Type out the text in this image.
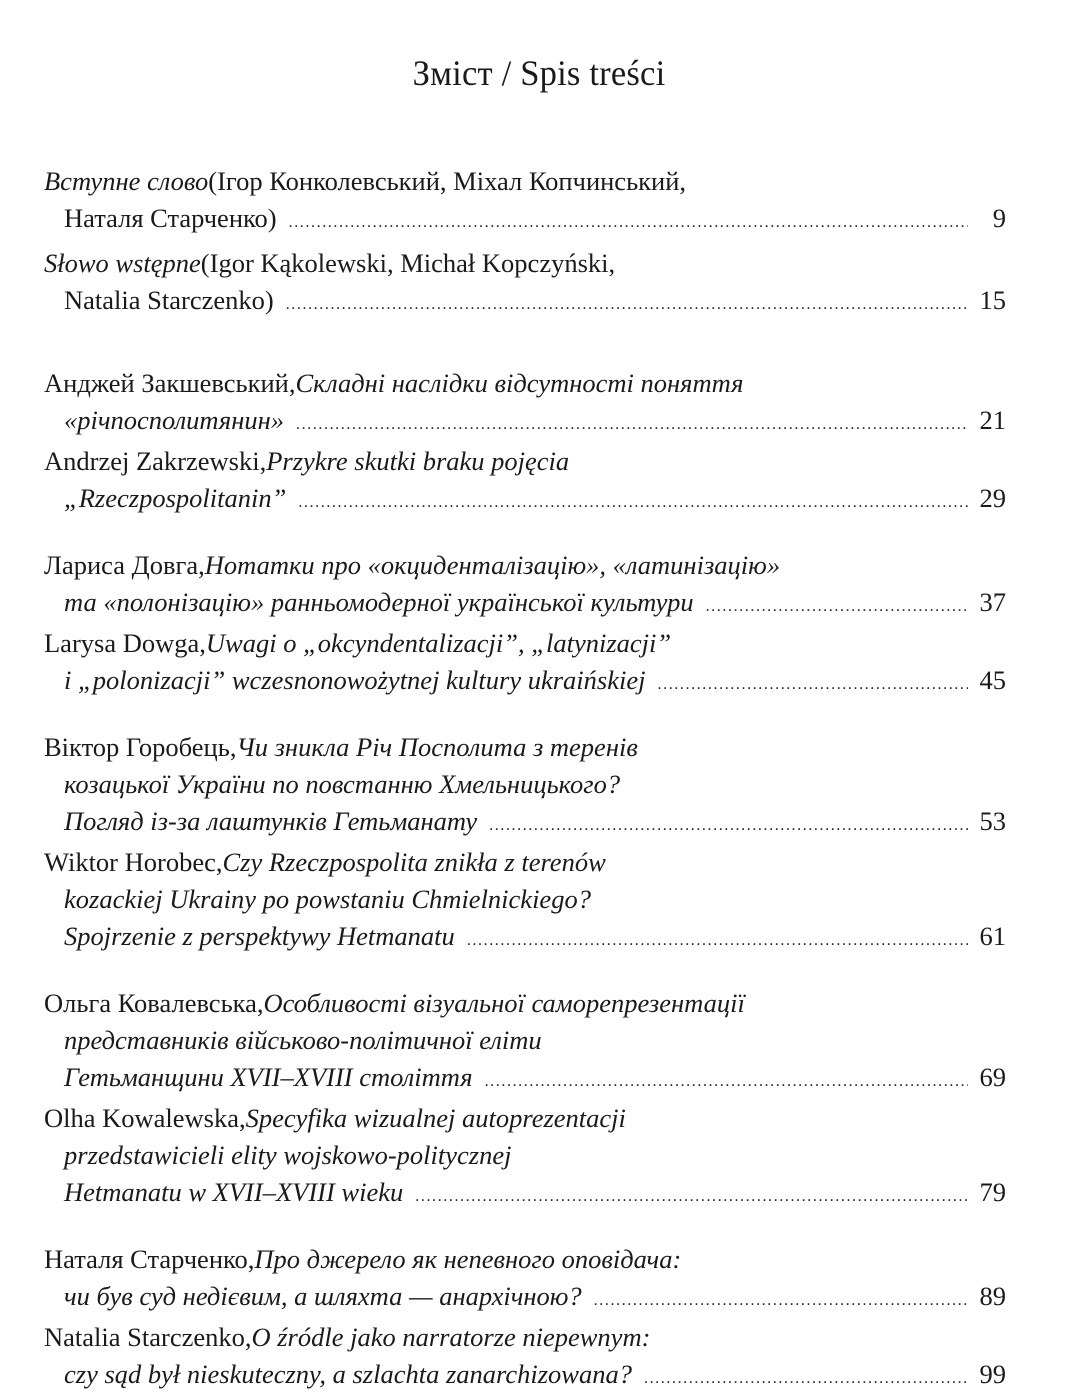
Зміст / Spis treści
Вступне слово (Ігор Конколевський, Міхал Копчинський,
Наталя Старченко) .....	9
Słowo wstępne (Igor Kąkolewski, Michał Kopczyński,
Natalia Starczenko) .....	15
Анджей Закшевський, Складні наслідки відсутності поняття
«річпосполитянин» .....	21
Andrzej Zakrzewski, Przykre skutki braku pojęcia
„Rzeczpospolitanin” .....	29
Лариса Довга, Нотатки про «окциденталізацію», «латинізацію»
та «полонізацію» ранньомодерної української культури .....	37
Larysa Dowga, Uwagi o „okcyndentalizacji”, „latynizacji”
i „polonizacji” wczesnonowożytnej kultury ukraińskiej .....	45
Віктор Горобець, Чи зникла Річ Посполита з теренів
козацької України по повстанню Хмельницького?
Погляд із-за лаштунків Гетьманату .....	53
Wiktor Horobec, Czy Rzeczpospolita znikła z terenów
kozackiej Ukrainy po powstaniu Chmielnickiego?
Spojrzenie z perspektywy Hetmanatu .....	61
Ольга Ковалевська, Особливості візуальної саморепрезентації
представників військово-політичної еліти
Гетьманщини XVII–XVIII століття .....	69
Olha Kowalewska, Specyfika wizualnej autoprezentacji
przedstawicieli elity wojskowo-politycznej
Hetmanatu w XVII–XVIII wieku .....	79
Наталя Старченко, Про джерело як непевного оповідача:
чи був суд недієвим, а шляхта — анархічною? .....	89
Natalia Starczenko, O źródle jako narratorze niepewnym:
czy sąd był nieskuteczny, a szlachta zanarchizowana? .....	99
